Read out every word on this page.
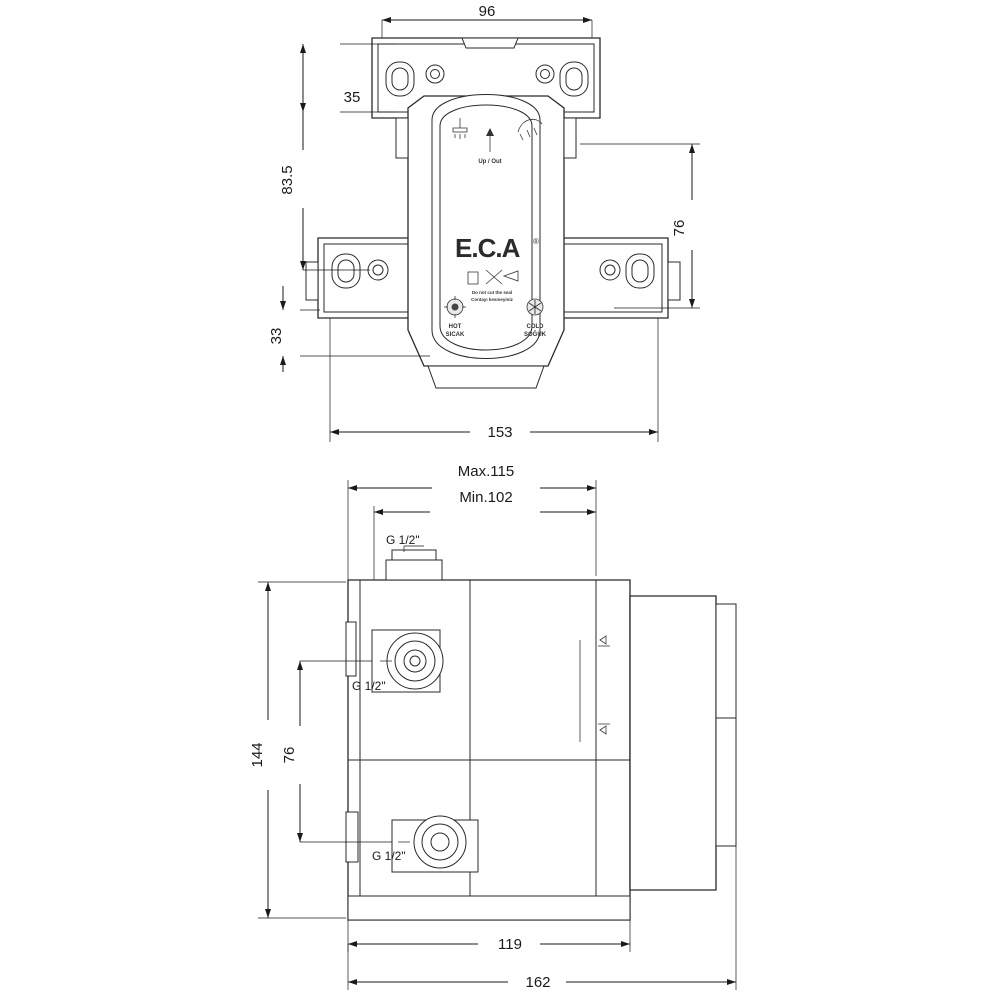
Up / Out
E.C.A ®
Do not cut the seal
Contayı kesmeyiniz
HOT
SICAK
COLD
SOĞUK
35
83.5
33
76
153
96
Max.115
Min.102
G 1/2"
G 1/2"
G 1/2"
144 76
119
162
